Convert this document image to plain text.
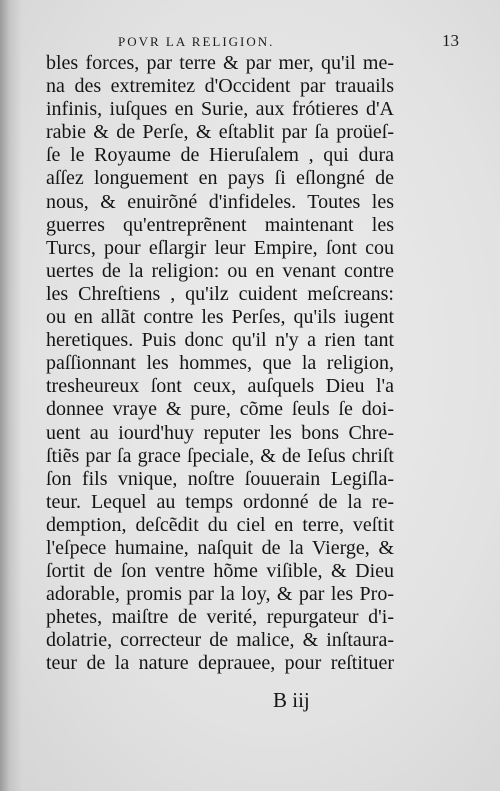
POVR LA RELIGION.	13
bles forces, par terre & par mer, qu'il me-
na des extremitez d'Occident par trauails
infinis, iuſques en Surie, aux frótieres d'A
rabie & de Perſe, & eſtablit par ſa proüeſ-
ſe le Royaume de Hieruſalem , qui dura
aſſez longuement en pays ſi eſlongné de
nous, & enuirõné d'infideles. Toutes les
guerres qu'entreprẽnent maintenant les
Turcs, pour eſlargir leur Empire, ſont cou
uertes de la religion: ou en venant contre
les Chreſtiens , qu'ilz cuident meſcreans:
ou en allãt contre les Perſes, qu'ils iugent
heretiques. Puis donc qu'il n'y a rien tant
paſſionnant les hommes, que la religion,
tresheureux ſont ceux, auſquels Dieu l'a
donnee vraye & pure, cõme ſeuls ſe doi-
uent au iourd'huy reputer les bons Chre-
ſtiẽs par ſa grace ſpeciale, & de Ieſus chriſt
ſon fils vnique, noſtre ſouuerain Legiſla-
teur. Lequel au temps ordonné de la re-
demption, deſcẽdit du ciel en terre, veſtit
l'eſpece humaine, naſquit de la Vierge, &
ſortit de ſon ventre hõme viſible, & Dieu
adorable, promis par la loy, & par les Pro-
phetes, maiſtre de verité, repurgateur d'i-
dolatrie, correcteur de malice, & inſtaura-
teur de la nature deprauee, pour reſtituer
B iij
